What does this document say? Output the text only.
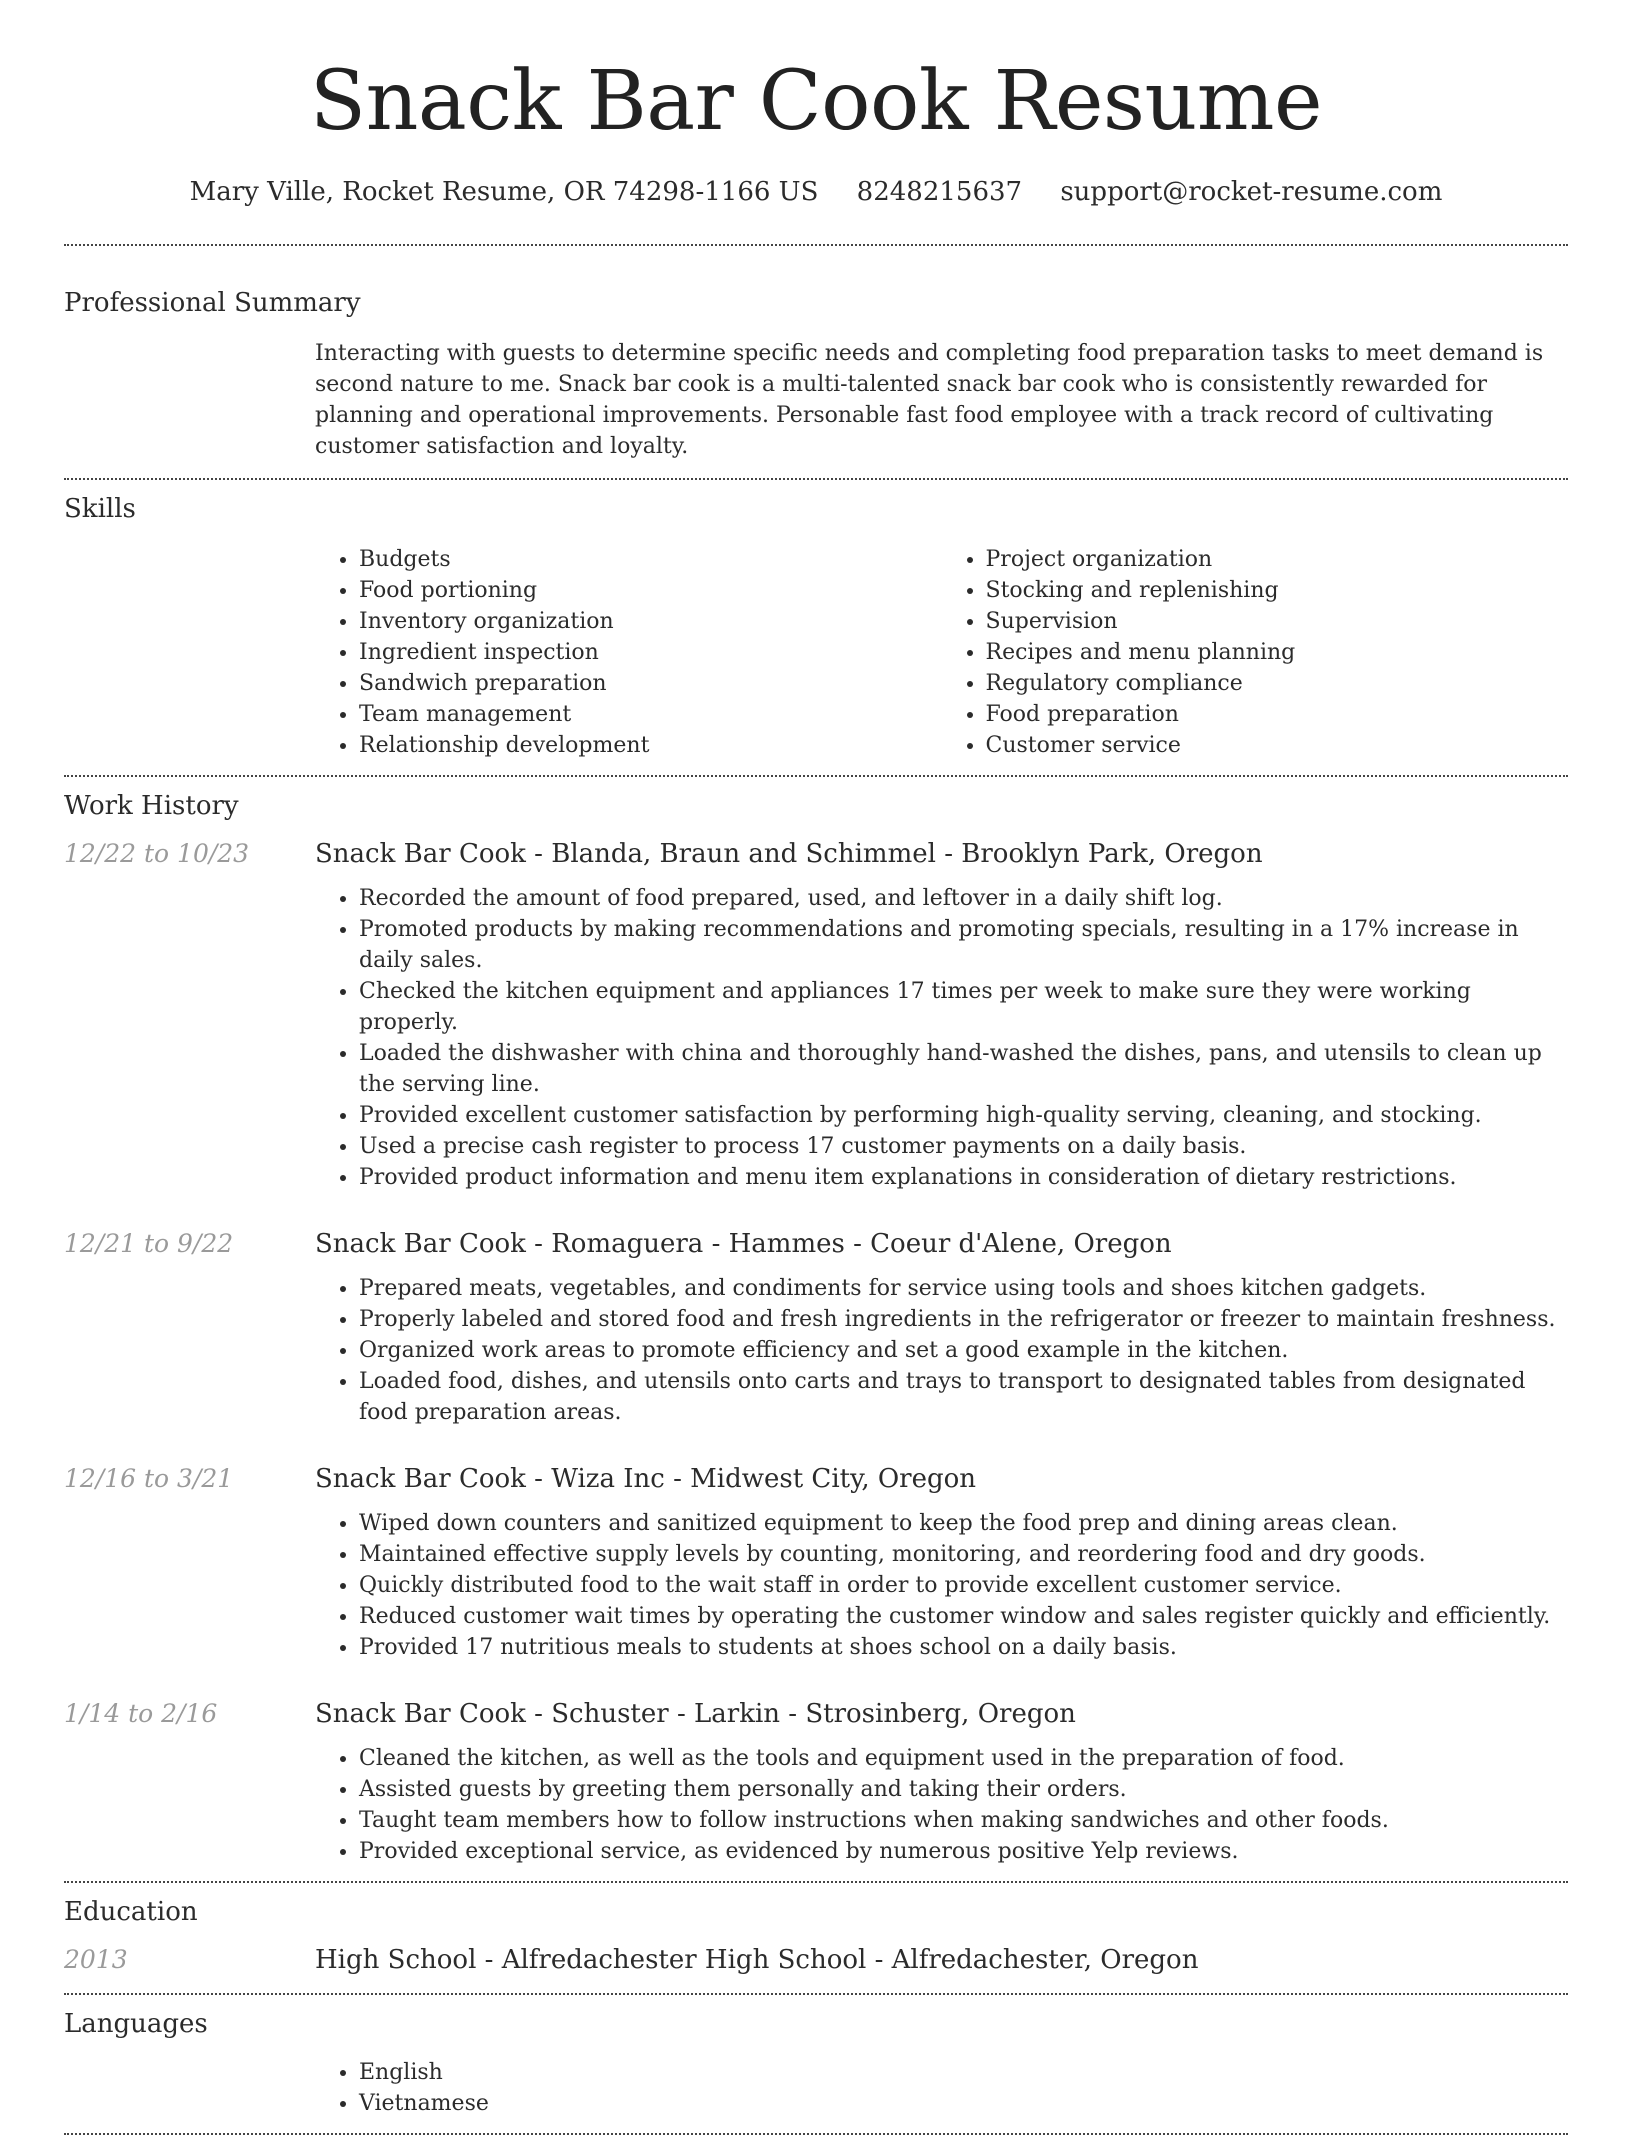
Snack Bar Cook Resume
Mary Ville, Rocket Resume, OR 74298-1166 US 8248215637 support@rocket-resume.com
Professional Summary
Interacting with guests to determine specific needs and completing food preparation tasks to meet demand is second nature to me. Snack bar cook is a multi-talented snack bar cook who is consistently rewarded for planning and operational improvements. Personable fast food employee with a track record of cultivating customer satisfaction and loyalty.
Skills
• Budgets
• Food portioning
• Inventory organization
• Ingredient inspection
• Sandwich preparation
• Team management
• Relationship development
• Project organization
• Stocking and replenishing
• Supervision
• Recipes and menu planning
• Regulatory compliance
• Food preparation
• Customer service
Work History
12/22 to 10/23	Snack Bar Cook - Blanda, Braun and Schimmel - Brooklyn Park, Oregon
• Recorded the amount of food prepared, used, and leftover in a daily shift log.
• Promoted products by making recommendations and promoting specials, resulting in a 17% increase in daily sales.
• Checked the kitchen equipment and appliances 17 times per week to make sure they were working properly.
• Loaded the dishwasher with china and thoroughly hand-washed the dishes, pans, and utensils to clean up the serving line.
• Provided excellent customer satisfaction by performing high-quality serving, cleaning, and stocking.
• Used a precise cash register to process 17 customer payments on a daily basis.
• Provided product information and menu item explanations in consideration of dietary restrictions.
12/21 to 9/22	Snack Bar Cook - Romaguera - Hammes - Coeur d'Alene, Oregon
• Prepared meats, vegetables, and condiments for service using tools and shoes kitchen gadgets.
• Properly labeled and stored food and fresh ingredients in the refrigerator or freezer to maintain freshness.
• Organized work areas to promote efficiency and set a good example in the kitchen.
• Loaded food, dishes, and utensils onto carts and trays to transport to designated tables from designated food preparation areas.
12/16 to 3/21	Snack Bar Cook - Wiza Inc - Midwest City, Oregon
• Wiped down counters and sanitized equipment to keep the food prep and dining areas clean.
• Maintained effective supply levels by counting, monitoring, and reordering food and dry goods.
• Quickly distributed food to the wait staff in order to provide excellent customer service.
• Reduced customer wait times by operating the customer window and sales register quickly and efficiently.
• Provided 17 nutritious meals to students at shoes school on a daily basis.
1/14 to 2/16	Snack Bar Cook - Schuster - Larkin - Strosinberg, Oregon
• Cleaned the kitchen, as well as the tools and equipment used in the preparation of food.
• Assisted guests by greeting them personally and taking their orders.
• Taught team members how to follow instructions when making sandwiches and other foods.
• Provided exceptional service, as evidenced by numerous positive Yelp reviews.
Education
2013	High School - Alfredachester High School - Alfredachester, Oregon
Languages
• English
• Vietnamese
